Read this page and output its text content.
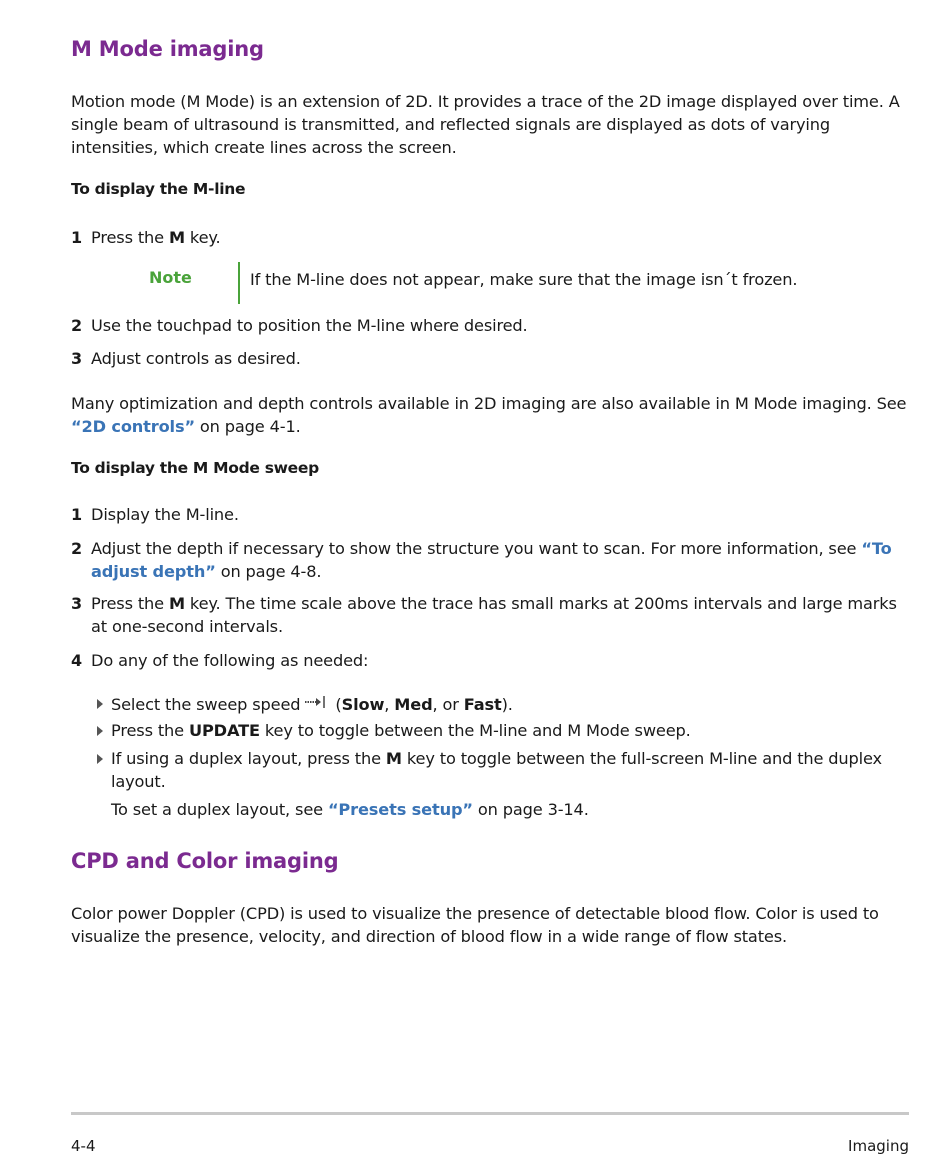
M Mode imaging

Motion mode (M Mode) is an extension of 2D. It provides a trace of the 2D image displayed over time. A single beam of ultrasound is transmitted, and reflected signals are displayed as dots of varying intensities, which create lines across the screen.

To display the M-line
1 Press the M key.

Note	If the M-line does not appear, make sure that the image isn´t frozen.

2 Use the touchpad to position the M-line where desired.

3 Adjust controls as desired.

Many optimization and depth controls available in 2D imaging are also available in M Mode imaging. See “2D controls” on page 4-1.

To display the M Mode sweep
1 Display the M-line.

2 Adjust the depth if necessary to show the structure you want to scan. For more information, see “To adjust depth” on page 4-8.

3 Press the M key. The time scale above the trace has small marks at 200ms intervals and large marks at one-second intervals.

4 Do any of the following as needed:

Select the sweep speed (Slow, Med, or Fast).

Press the UPDATE key to toggle between the M-line and M Mode sweep.

If using a duplex layout, press the M key to toggle between the full-screen M-line and the duplex layout.

To set a duplex layout, see “Presets setup” on page 3-14.

CPD and Color imaging

Color power Doppler (CPD) is used to visualize the presence of detectable blood flow. Color is used to visualize the presence, velocity, and direction of blood flow in a wide range of flow states.

4-4	Imaging
